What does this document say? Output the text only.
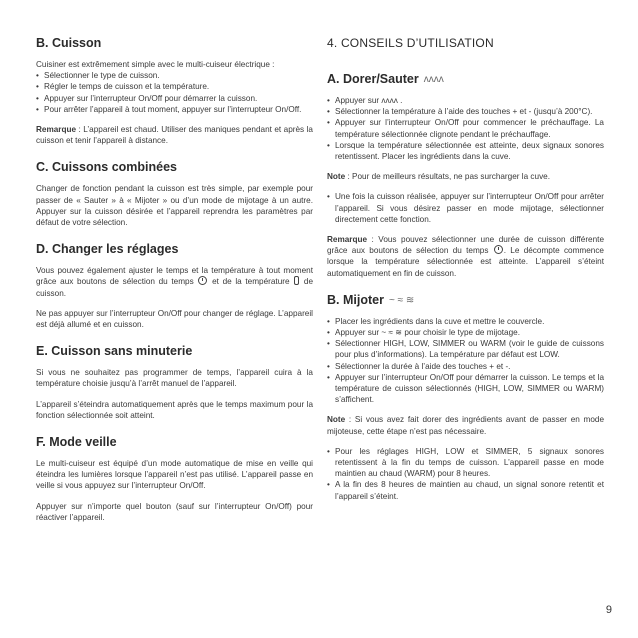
B. Cuisson

Cuisiner est extrêmement simple avec le multi-cuiseur électrique :

• Sélectionner le type de cuisson.
• Régler le temps de cuisson et la température.
• Appuyer sur l’interrupteur On/Off pour démarrer la cuisson.
• Pour arrêter l’appareil à tout moment, appuyer sur l’interrupteur On/Off.

Remarque : L’appareil est chaud. Utiliser des maniques pendant et après la cuisson et tenir l’appareil à distance.

C. Cuissons combinées

Changer de fonction pendant la cuisson est très simple, par exemple pour passer de « Sauter » à « Mijoter » ou d’un mode de mijotage à un autre. Appuyer sur la cuisson désirée et l’appareil reprendra les paramètres par défaut de votre sélection.

D. Changer les réglages

Vous pouvez également ajuster le temps et la température à tout moment grâce aux boutons de sélection du temps et de la température de cuisson.

Ne pas appuyer sur l’interrupteur On/Off pour changer de réglage. L’appareil est déjà allumé et en cuisson.

E. Cuisson sans minuterie

Si vous ne souhaitez pas programmer de temps, l’appareil cuira à la température choisie jusqu’à l’arrêt manuel de l’appareil.

L’appareil s’éteindra automatiquement après que le temps maximum pour la fonction sélectionnée soit atteint.

F. Mode veille

Le multi-cuiseur est équipé d’un mode automatique de mise en veille qui éteindra les lumières lorsque l’appareil n’est pas utilisé. L’appareil passe en veille si vous appuyez sur l’interrupteur On/Off.

Appuyer sur n’importe quel bouton (sauf sur l’interrupteur On/Off) pour réactiver l’appareil.

4. CONSEILS D’UTILISATION
A. Dorer/Sauter ᴧᴧᴧᴧ
• Appuyer sur ᴧᴧᴧᴧ .
• Sélectionner la température à l’aide des touches + et - (jusqu’à 200°C).
• Appuyer sur l’interrupteur On/Off pour commencer le préchauffage. La température sélectionnée clignote pendant le préchauffage.
• Lorsque la température sélectionnée est atteinte, deux signaux sonores retentissent. Placer les ingrédients dans la cuve.

Note : Pour de meilleurs résultats, ne pas surcharger la cuve.

• Une fois la cuisson réalisée, appuyer sur l’interrupteur On/Off pour arrêter l’appareil. Si vous désirez passer en mode mijotage, sélectionner directement cette fonction.

Remarque : Vous pouvez sélectionner une durée de cuisson différente grâce aux boutons de sélection du temps . Le décompte commence lorsque la température sélectionnée est atteinte. L’appareil s’éteint automatiquement en fin de cuisson.

B. Mijoter ~ ≈ ≋
• Placer les ingrédients dans la cuve et mettre le couvercle.
• Appuyer sur ~ ≈ ≋ pour choisir le type de mijotage.
• Sélectionner HIGH, LOW, SIMMER ou WARM (voir le guide de cuissons pour plus d’informations). La température par défaut est LOW.
• Sélectionner la durée à l’aide des touches + et -.
• Appuyer sur l’interrupteur On/Off pour démarrer la cuisson. Le temps et la température de cuisson sélectionnés (HIGH, LOW, SIMMER ou WARM) s’affichent.

Note : Si vous avez fait dorer des ingrédients avant de passer en mode mijoteuse, cette étape n’est pas nécessaire.

• Pour les réglages HIGH, LOW et SIMMER, 5 signaux sonores retentissent à la fin du temps de cuisson. L’appareil passe en mode maintien au chaud (WARM) pour 8 heures.
• A la fin des 8 heures de maintien au chaud, un signal sonore retentit et l’appareil s’éteint.
9
